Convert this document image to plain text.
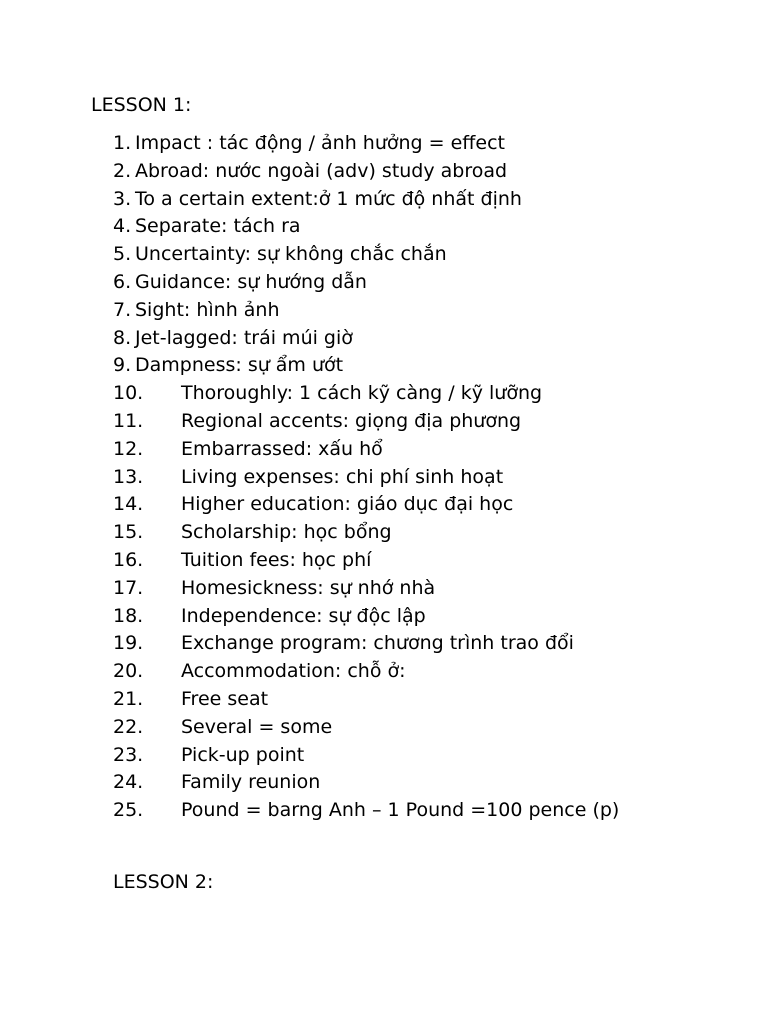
LESSON 1:
1. Impact : tác động / ảnh hưởng = effect
2. Abroad: nước ngoài (adv) study abroad
3. To a certain extent:ở 1 mức độ nhất định
4. Separate: tách ra
5. Uncertainty: sự không chắc chắn
6. Guidance: sự hướng dẫn
7. Sight: hình ảnh
8. Jet-lagged: trái múi giờ
9. Dampness: sự ẩm ướt
10. Thoroughly: 1 cách kỹ càng / kỹ lưỡng
11. Regional accents: giọng địa phương
12. Embarrassed: xấu hổ
13. Living expenses: chi phí sinh hoạt
14. Higher education: giáo dục đại học
15. Scholarship: học bổng
16. Tuition fees: học phí
17. Homesickness: sự nhớ nhà
18. Independence: sự độc lập
19. Exchange program: chương trình trao đổi
20. Accommodation: chỗ ở:
21. Free seat
22. Several = some
23. Pick-up point
24. Family reunion
25. Pound = barng Anh – 1 Pound =100 pence (p)
LESSON 2:
